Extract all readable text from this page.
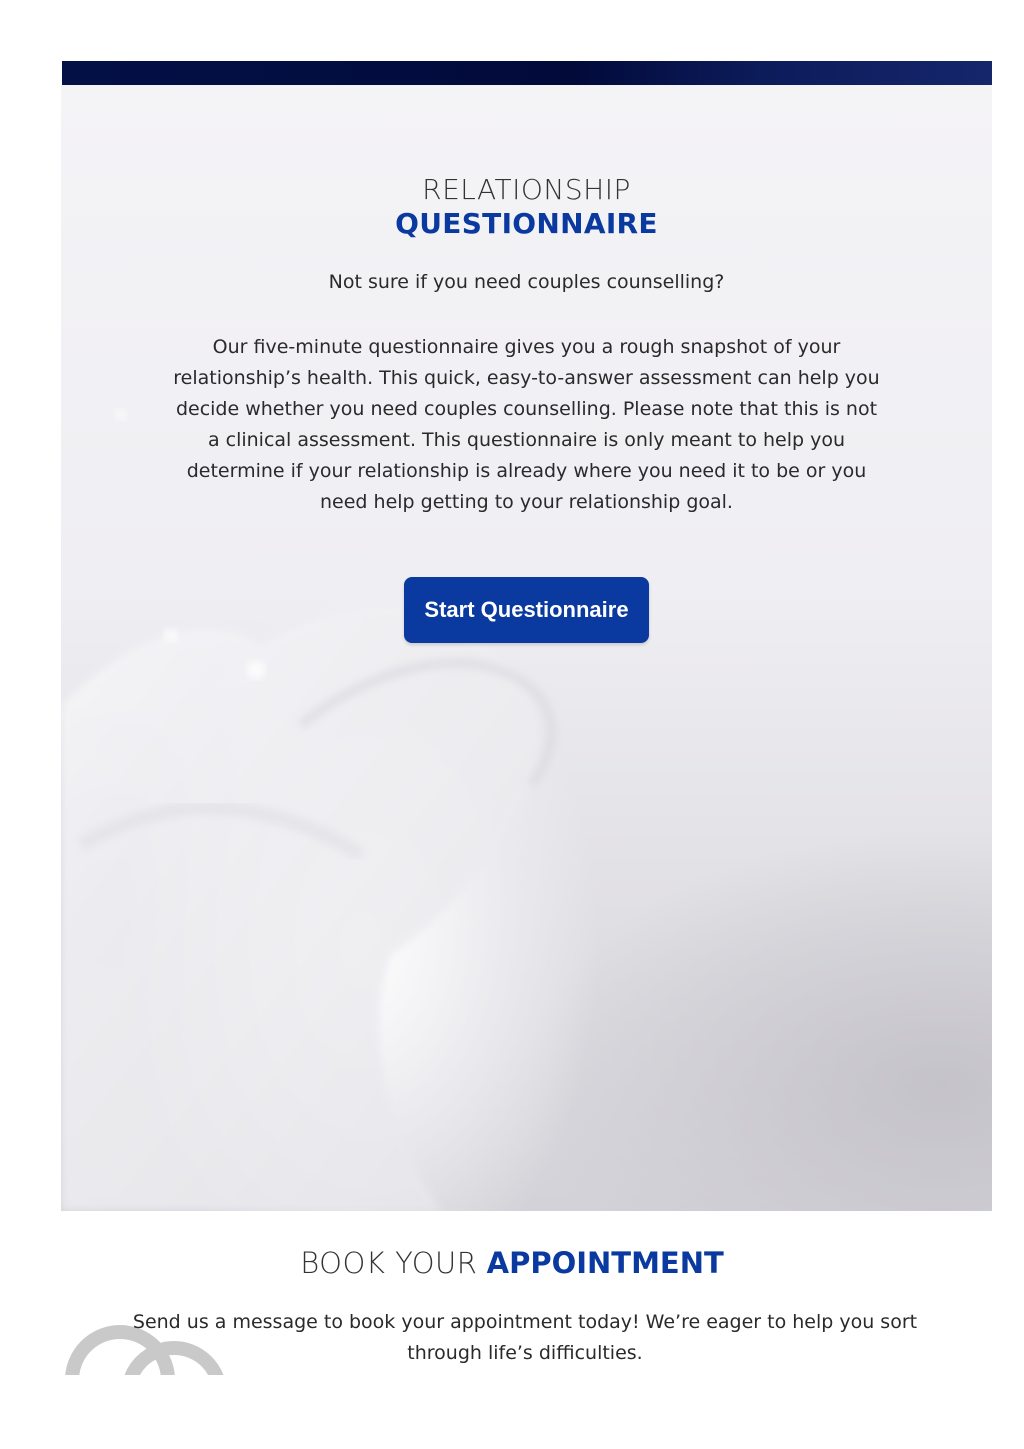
RELATIONSHIP
QUESTIONNAIRE
Not sure if you need couples counselling?
Our five-minute questionnaire gives you a rough snapshot of your relationship’s health. This quick, easy-to-answer assessment can help you decide whether you need couples counselling. Please note that this is not a clinical assessment. This questionnaire is only meant to help you determine if your relationship is already where you need it to be or you need help getting to your relationship goal.
Start Questionnaire
BOOK YOUR APPOINTMENT
Send us a message to book your appointment today! We’re eager to help you sort through life’s difficulties.
